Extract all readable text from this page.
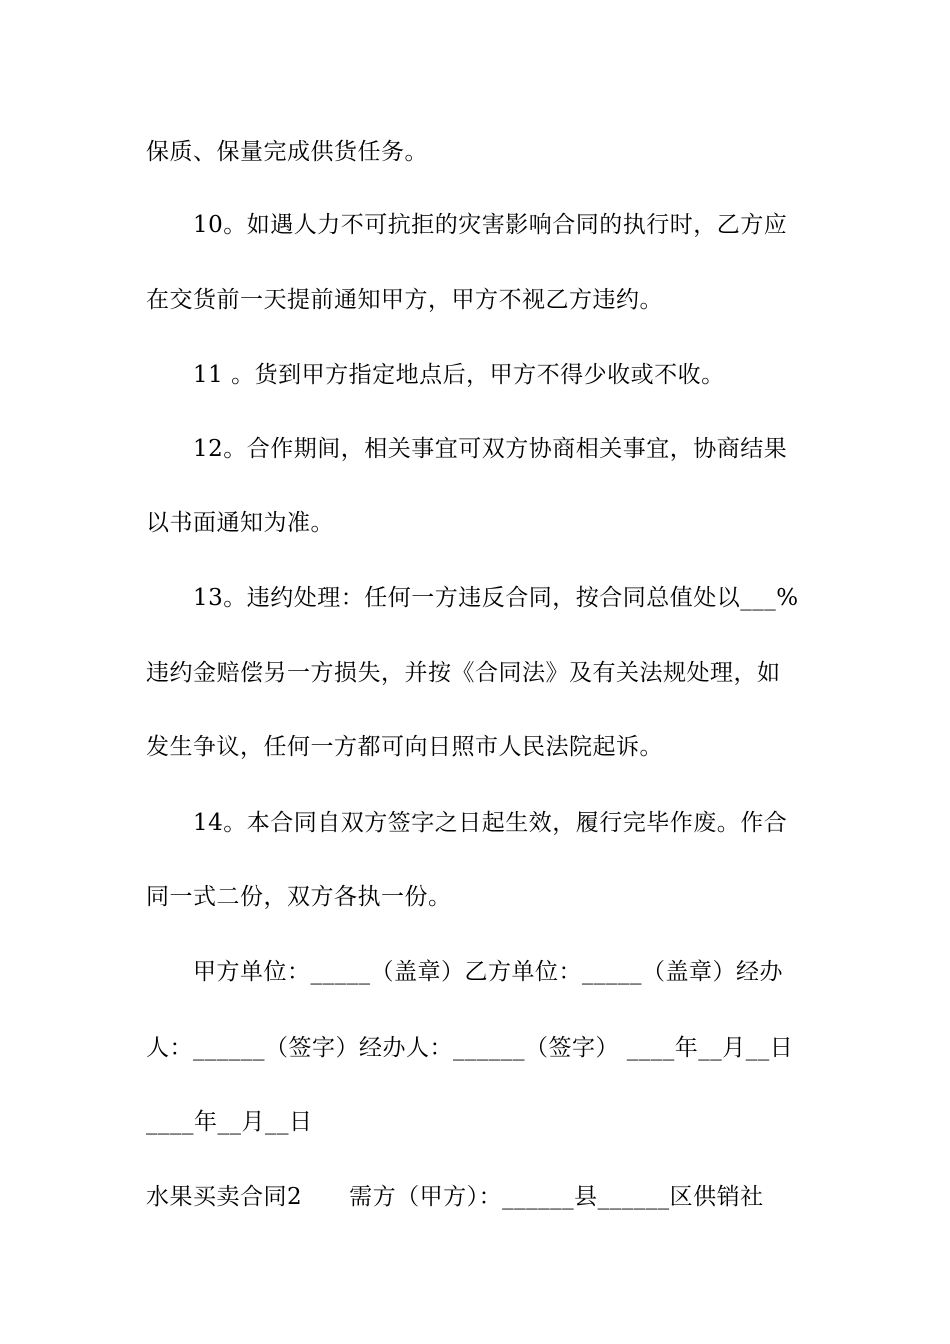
保质、保量完成供货任务。
10。如遇人力不可抗拒的灾害影响合同的执行时，乙方应
在交货前一天提前通知甲方，甲方不视乙方违约。
11 。货到甲方指定地点后，甲方不得少收或不收。
12。合作期间，相关事宜可双方协商相关事宜，协商结果
以书面通知为准。
13。违约处理：任何一方违反合同，按合同总值处以___%
违约金赔偿另一方损失，并按《合同法》及有关法规处理，如
发生争议，任何一方都可向日照市人民法院起诉。
14。本合同自双方签字之日起生效，履行完毕作废。作合
同一式二份，双方各执一份。
甲方单位：_____（盖章）乙方单位：_____（盖章）经办
人：______（签字）经办人：______（签字） ____年__月__日
____年__月__日
水果买卖合同2　　需方（甲方）：______县______区供销社
